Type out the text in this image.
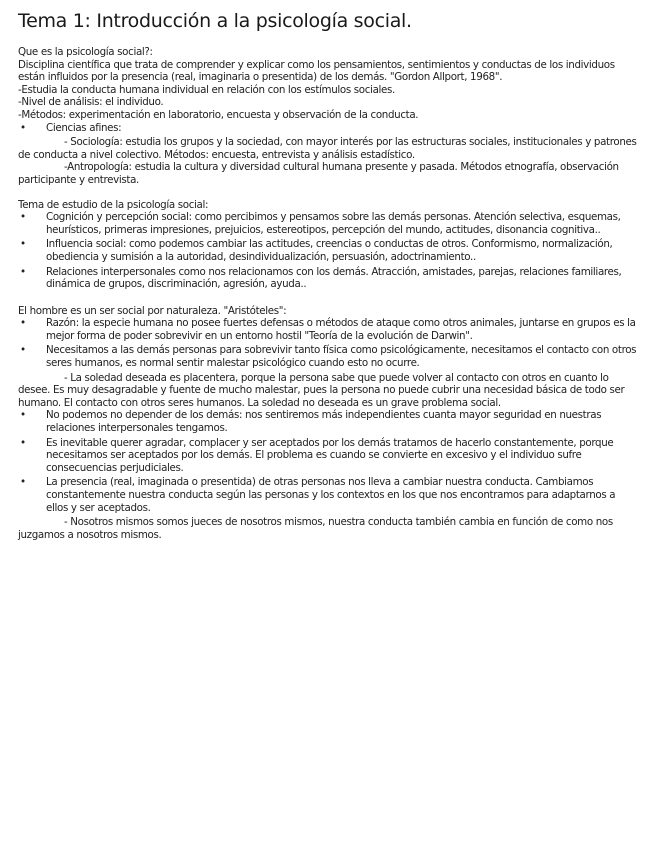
Tema 1: Introducción a la psicología social.

Que es la psicología social?:

Disciplina científica que trata de comprender y explicar como los pensamientos, sentimientos y conductas de los individuos están influidos por la presencia (real, imaginaria o presentida) de los demás. "Gordon Allport, 1968".

-Estudia la conducta humana individual en relación con los estímulos sociales.

-Nivel de análisis: el individuo.

-Métodos: experimentación en laboratorio, encuesta y observación de la conducta.

• Ciencias afines:

- Sociología: estudia los grupos y la sociedad, con mayor interés por las estructuras sociales, institucionales y patrones de conducta a nivel colectivo. Métodos: encuesta, entrevista y análisis estadístico.

-Antropología: estudia la cultura y diversidad cultural humana presente y pasada. Métodos etnografía, observación participante y entrevista.

Tema de estudio de la psicología social:

• Cognición y percepción social: como percibimos y pensamos sobre las demás personas. Atención selectiva, esquemas, heurísticos, primeras impresiones, prejuicios, estereotipos, percepción del mundo, actitudes, disonancia cognitiva..
• Influencia social: como podemos cambiar las actitudes, creencias o conductas de otros. Conformismo, normalización, obediencia y sumisión a la autoridad, desindividualización, persuasión, adoctrinamiento..
• Relaciones interpersonales como nos relacionamos con los demás. Atracción, amistades, parejas, relaciones familiares, dinámica de grupos, discriminación, agresión, ayuda..

El hombre es un ser social por naturaleza. "Aristóteles":

• Razón: la especie humana no posee fuertes defensas o métodos de ataque como otros animales, juntarse en grupos es la mejor forma de poder sobrevivir en un entorno hostil "Teoría de la evolución de Darwin".
• Necesitamos a las demás personas para sobrevivir tanto física como psicológicamente, necesitamos el contacto con otros seres humanos, es normal sentir malestar psicológico cuando esto no ocurre.

- La soledad deseada es placentera, porque la persona sabe que puede volver al contacto con otros en cuanto lo desee. Es muy desagradable y fuente de mucho malestar, pues la persona no puede cubrir una necesidad básica de todo ser humano. El contacto con otros seres humanos. La soledad no deseada es un grave problema social.

• No podemos no depender de los demás: nos sentiremos más independientes cuanta mayor seguridad en nuestras relaciones interpersonales tengamos.
• Es inevitable querer agradar, complacer y ser aceptados por los demás tratamos de hacerlo constantemente, porque necesitamos ser aceptados por los demás. El problema es cuando se convierte en excesivo y el individuo sufre consecuencias perjudiciales.
• La presencia (real, imaginada o presentida) de otras personas nos lleva a cambiar nuestra conducta. Cambiamos constantemente nuestra conducta según las personas y los contextos en los que nos encontramos para adaptarnos a ellos y ser aceptados.

- Nosotros mismos somos jueces de nosotros mismos, nuestra conducta también cambia en función de como nos juzgamos a nosotros mismos.
